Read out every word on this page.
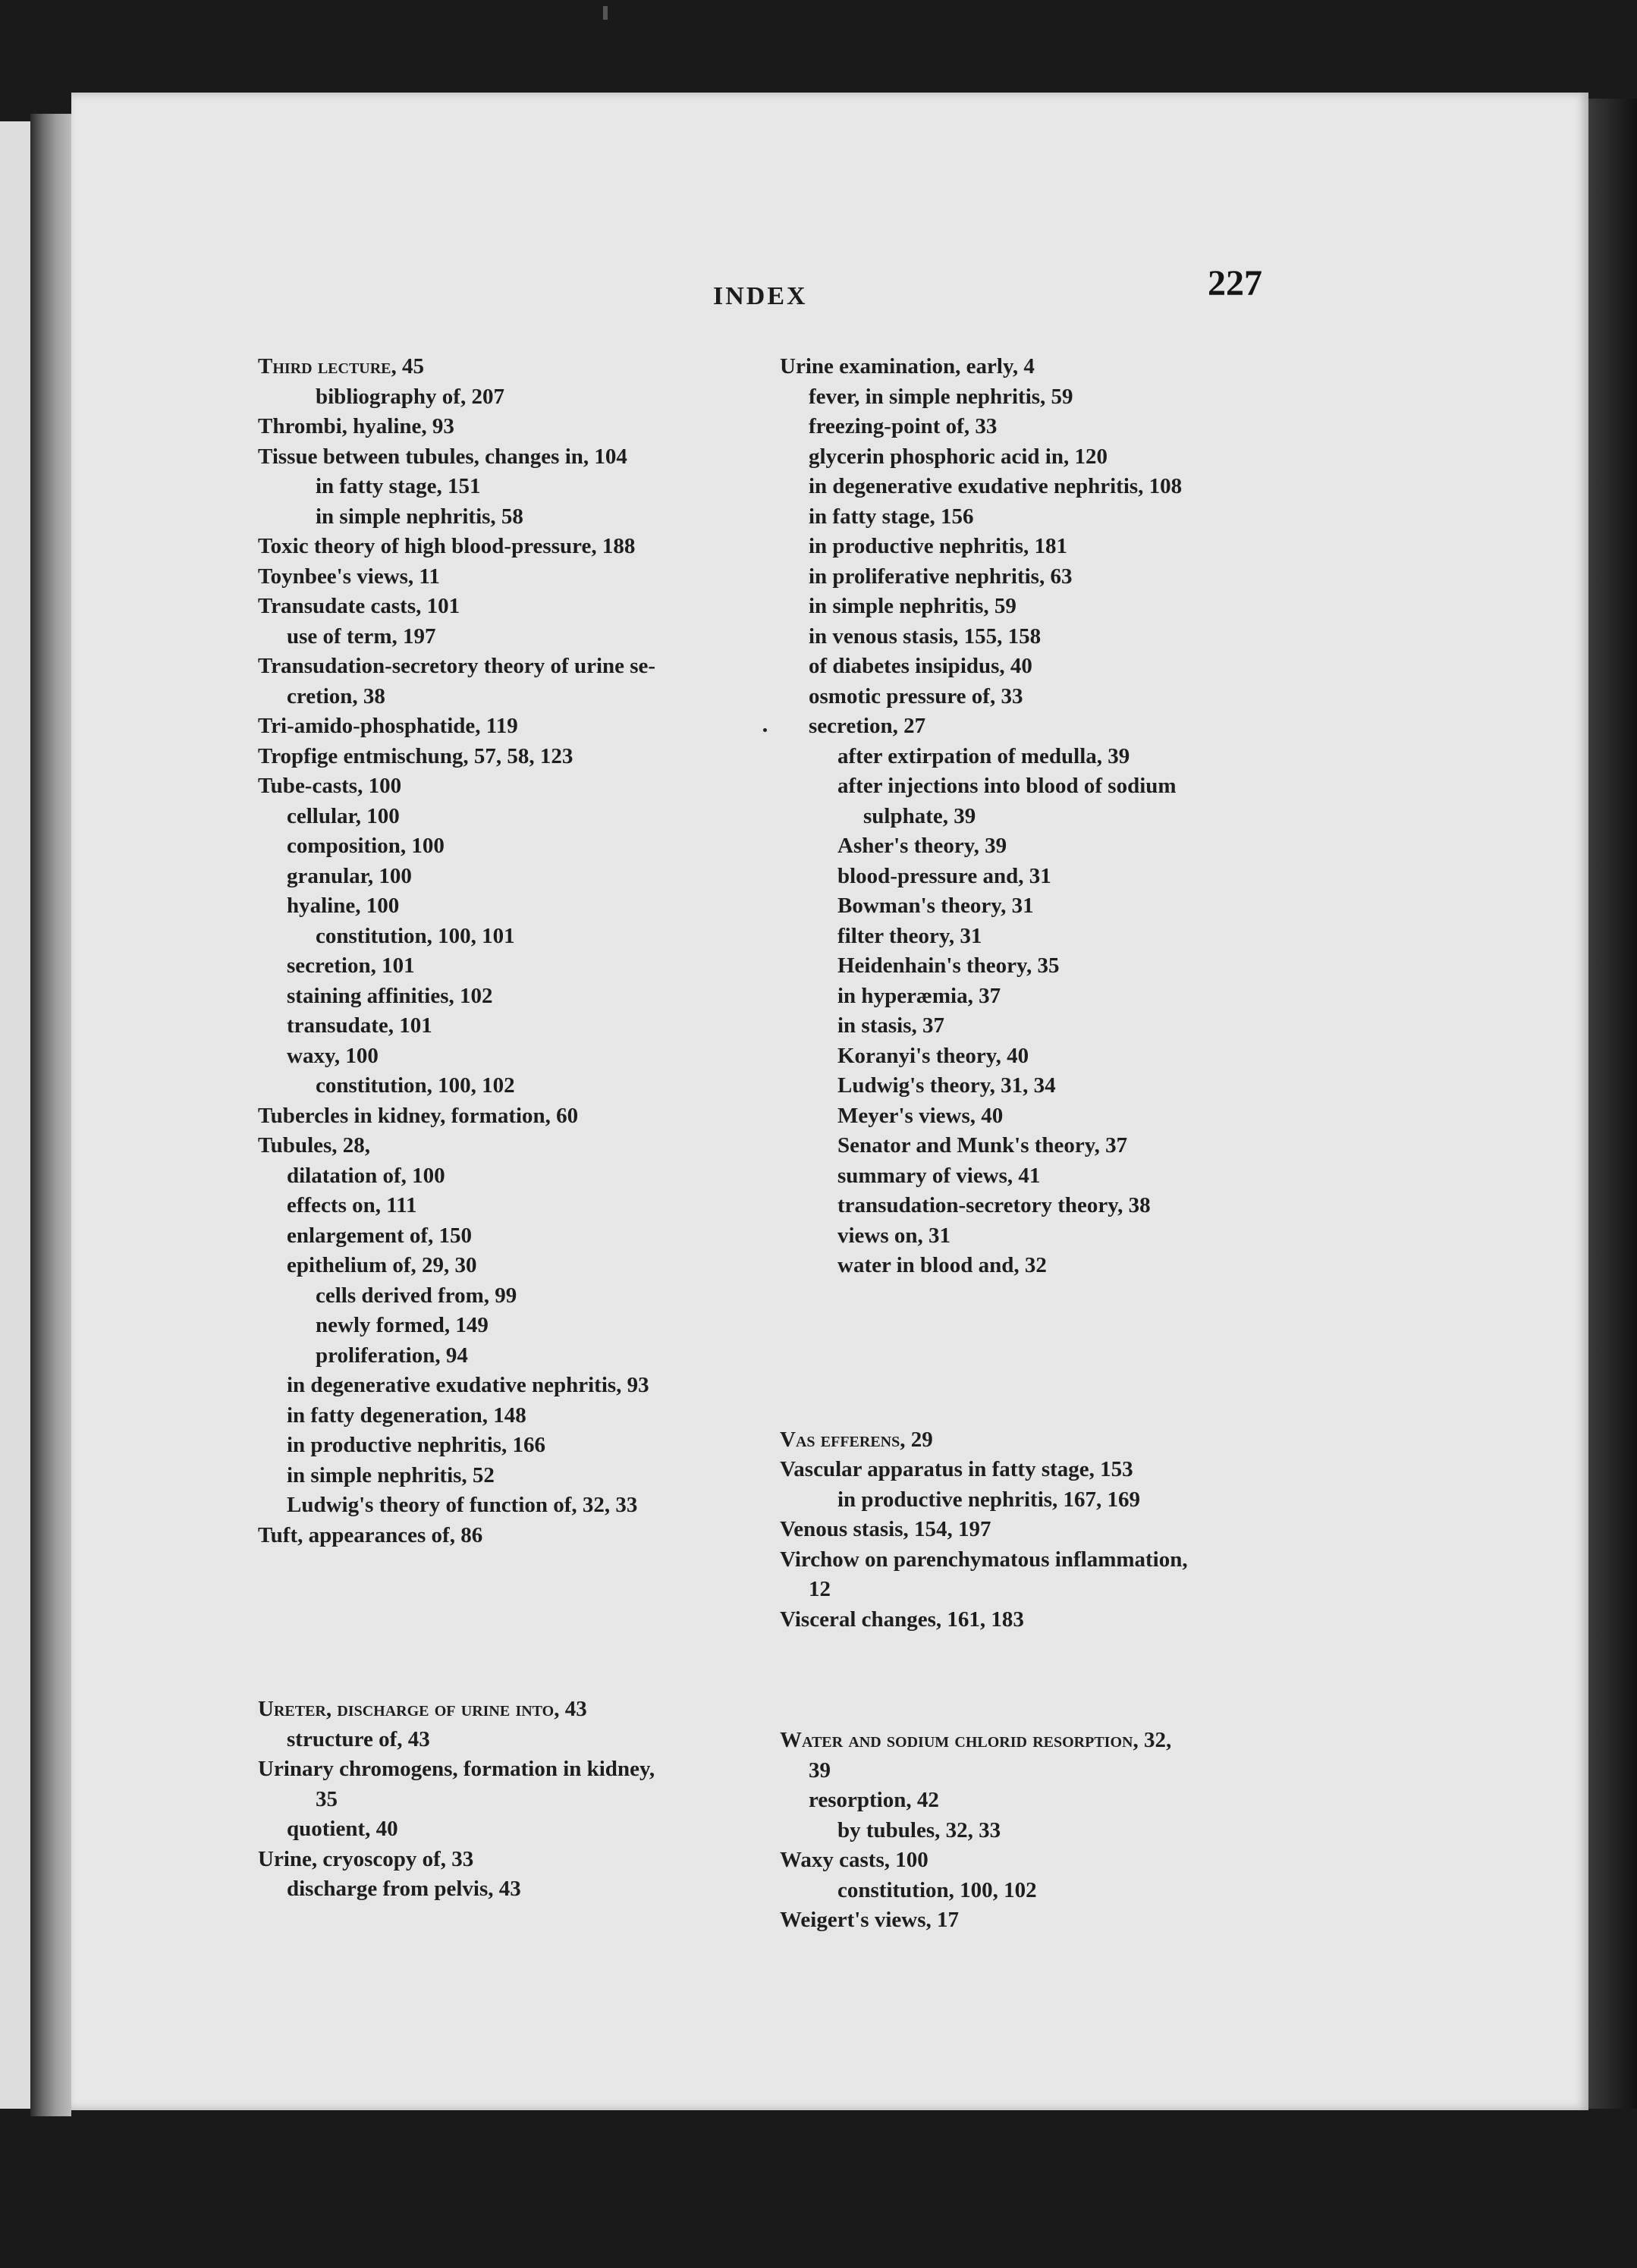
INDEX	227
Third lecture, 45
bibliography of, 207
Thrombi, hyaline, 93
Tissue between tubules, changes in, 104
in fatty stage, 151
in simple nephritis, 58
Toxic theory of high blood-pressure, 188
Toynbee's views, 11
Transudate casts, 101
use of term, 197
Transudation-secretory theory of urine se-
cretion, 38
Tri-amido-phosphatide, 119
Tropfige entmischung, 57, 58, 123
Tube-casts, 100
cellular, 100
composition, 100
granular, 100
hyaline, 100
constitution, 100, 101
secretion, 101
staining affinities, 102
transudate, 101
waxy, 100
constitution, 100, 102
Tubercles in kidney, formation, 60
Tubules, 28,
dilatation of, 100
effects on, 111
enlargement of, 150
epithelium of, 29, 30
cells derived from, 99
newly formed, 149
proliferation, 94
in degenerative exudative nephritis, 93
in fatty degeneration, 148
in productive nephritis, 166
in simple nephritis, 52
Ludwig's theory of function of, 32, 33
Tuft, appearances of, 86
Ureter, discharge of urine into, 43
structure of, 43
Urinary chromogens, formation in kidney,
35
quotient, 40
Urine, cryoscopy of, 33
discharge from pelvis, 43
Urine examination, early, 4
fever, in simple nephritis, 59
freezing-point of, 33
glycerin phosphoric acid in, 120
in degenerative exudative nephritis, 108
in fatty stage, 156
in productive nephritis, 181
in proliferative nephritis, 63
in simple nephritis, 59
in venous stasis, 155, 158
of diabetes insipidus, 40
osmotic pressure of, 33
secretion, 27
after extirpation of medulla, 39
after injections into blood of sodium
sulphate, 39
Asher's theory, 39
blood-pressure and, 31
Bowman's theory, 31
filter theory, 31
Heidenhain's theory, 35
in hyperæmia, 37
in stasis, 37
Koranyi's theory, 40
Ludwig's theory, 31, 34
Meyer's views, 40
Senator and Munk's theory, 37
summary of views, 41
transudation-secretory theory, 38
views on, 31
water in blood and, 32
Vas efferens, 29
Vascular apparatus in fatty stage, 153
in productive nephritis, 167, 169
Venous stasis, 154, 197
Virchow on parenchymatous inflammation,
12
Visceral changes, 161, 183
Water and sodium chlorid resorption, 32,
39
resorption, 42
by tubules, 32, 33
Waxy casts, 100
constitution, 100, 102
Weigert's views, 17
